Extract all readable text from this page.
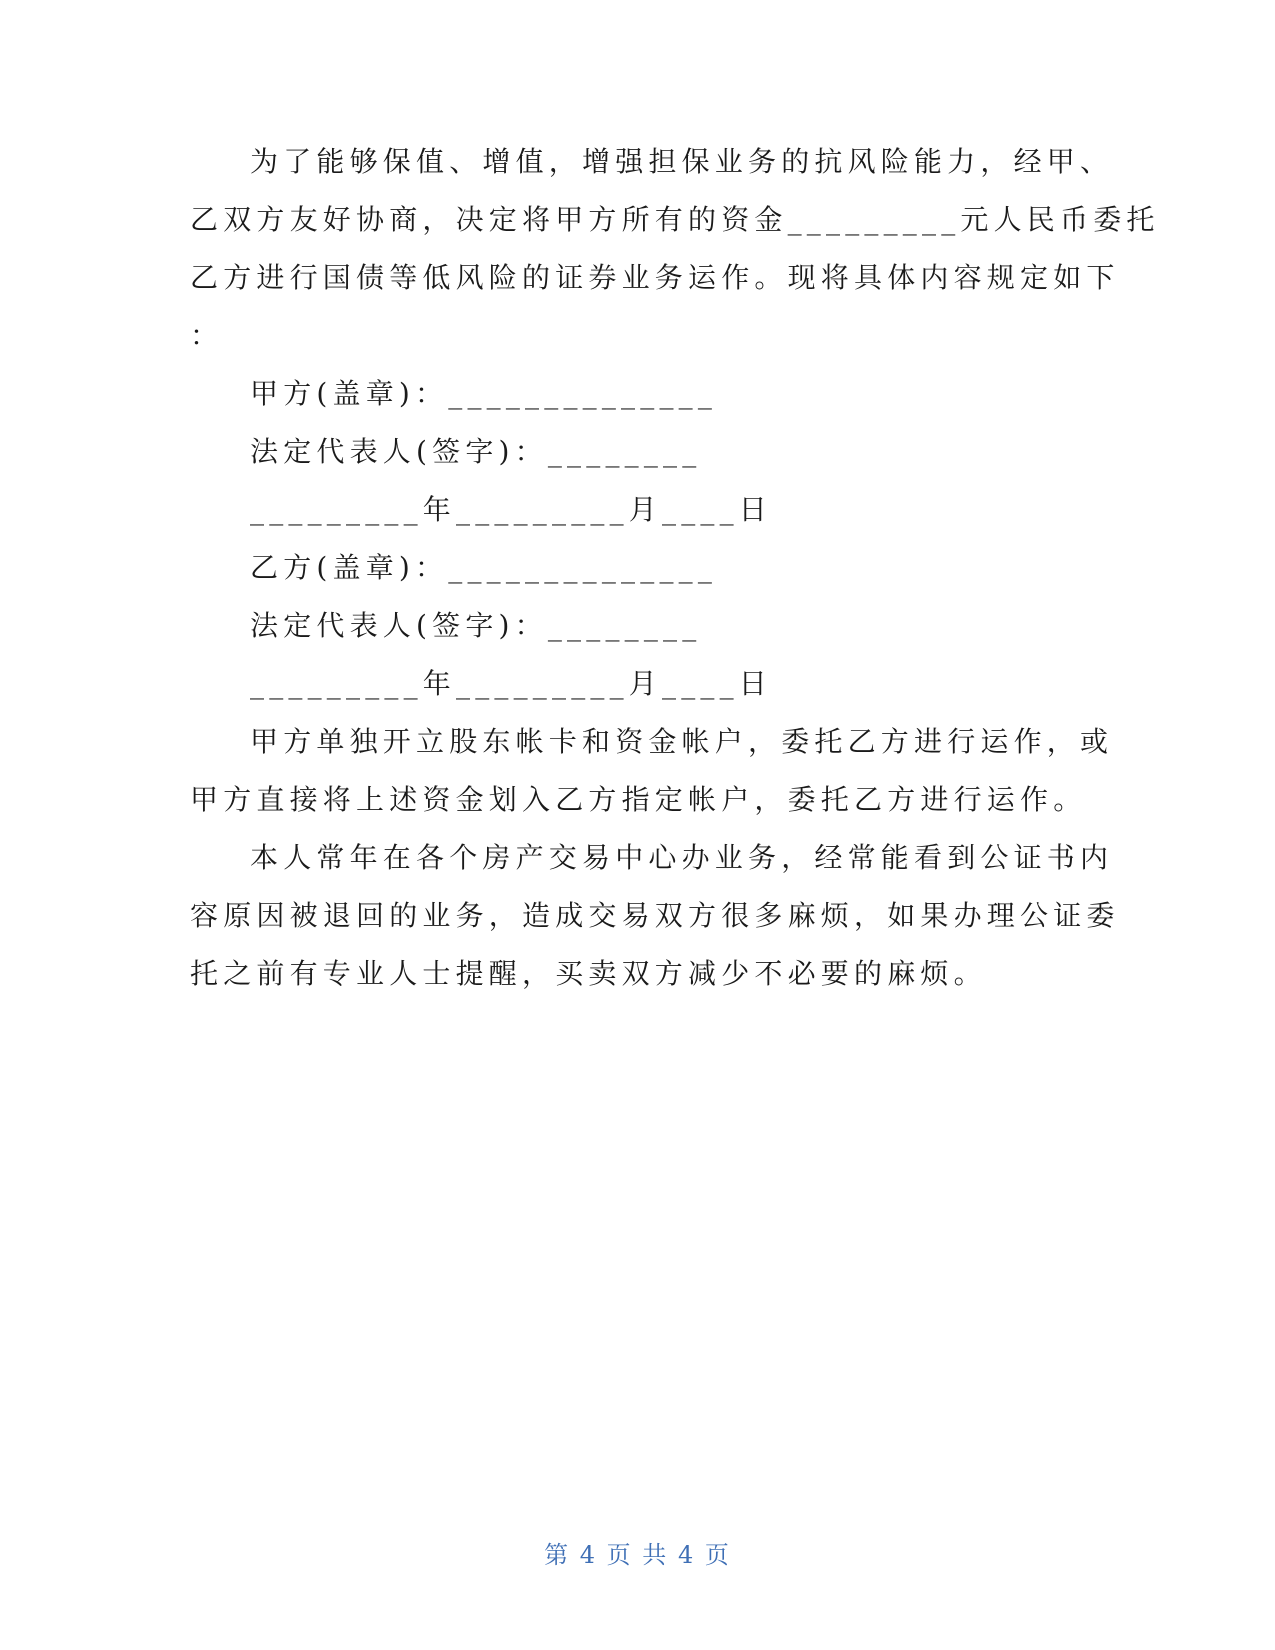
为了能够保值、增值，增强担保业务的抗风险能力，经甲、
乙双方友好协商，决定将甲方所有的资金_________元人民币委托
乙方进行国债等低风险的证券业务运作。现将具体内容规定如下
：
甲方(盖章)：______________
法定代表人(签字)：________
_________年_________月____日
乙方(盖章)：______________
法定代表人(签字)：________
_________年_________月____日
甲方单独开立股东帐卡和资金帐户，委托乙方进行运作，或
甲方直接将上述资金划入乙方指定帐户，委托乙方进行运作。
本人常年在各个房产交易中心办业务，经常能看到公证书内
容原因被退回的业务，造成交易双方很多麻烦，如果办理公证委
托之前有专业人士提醒，买卖双方减少不必要的麻烦。
第 4 页 共 4 页
